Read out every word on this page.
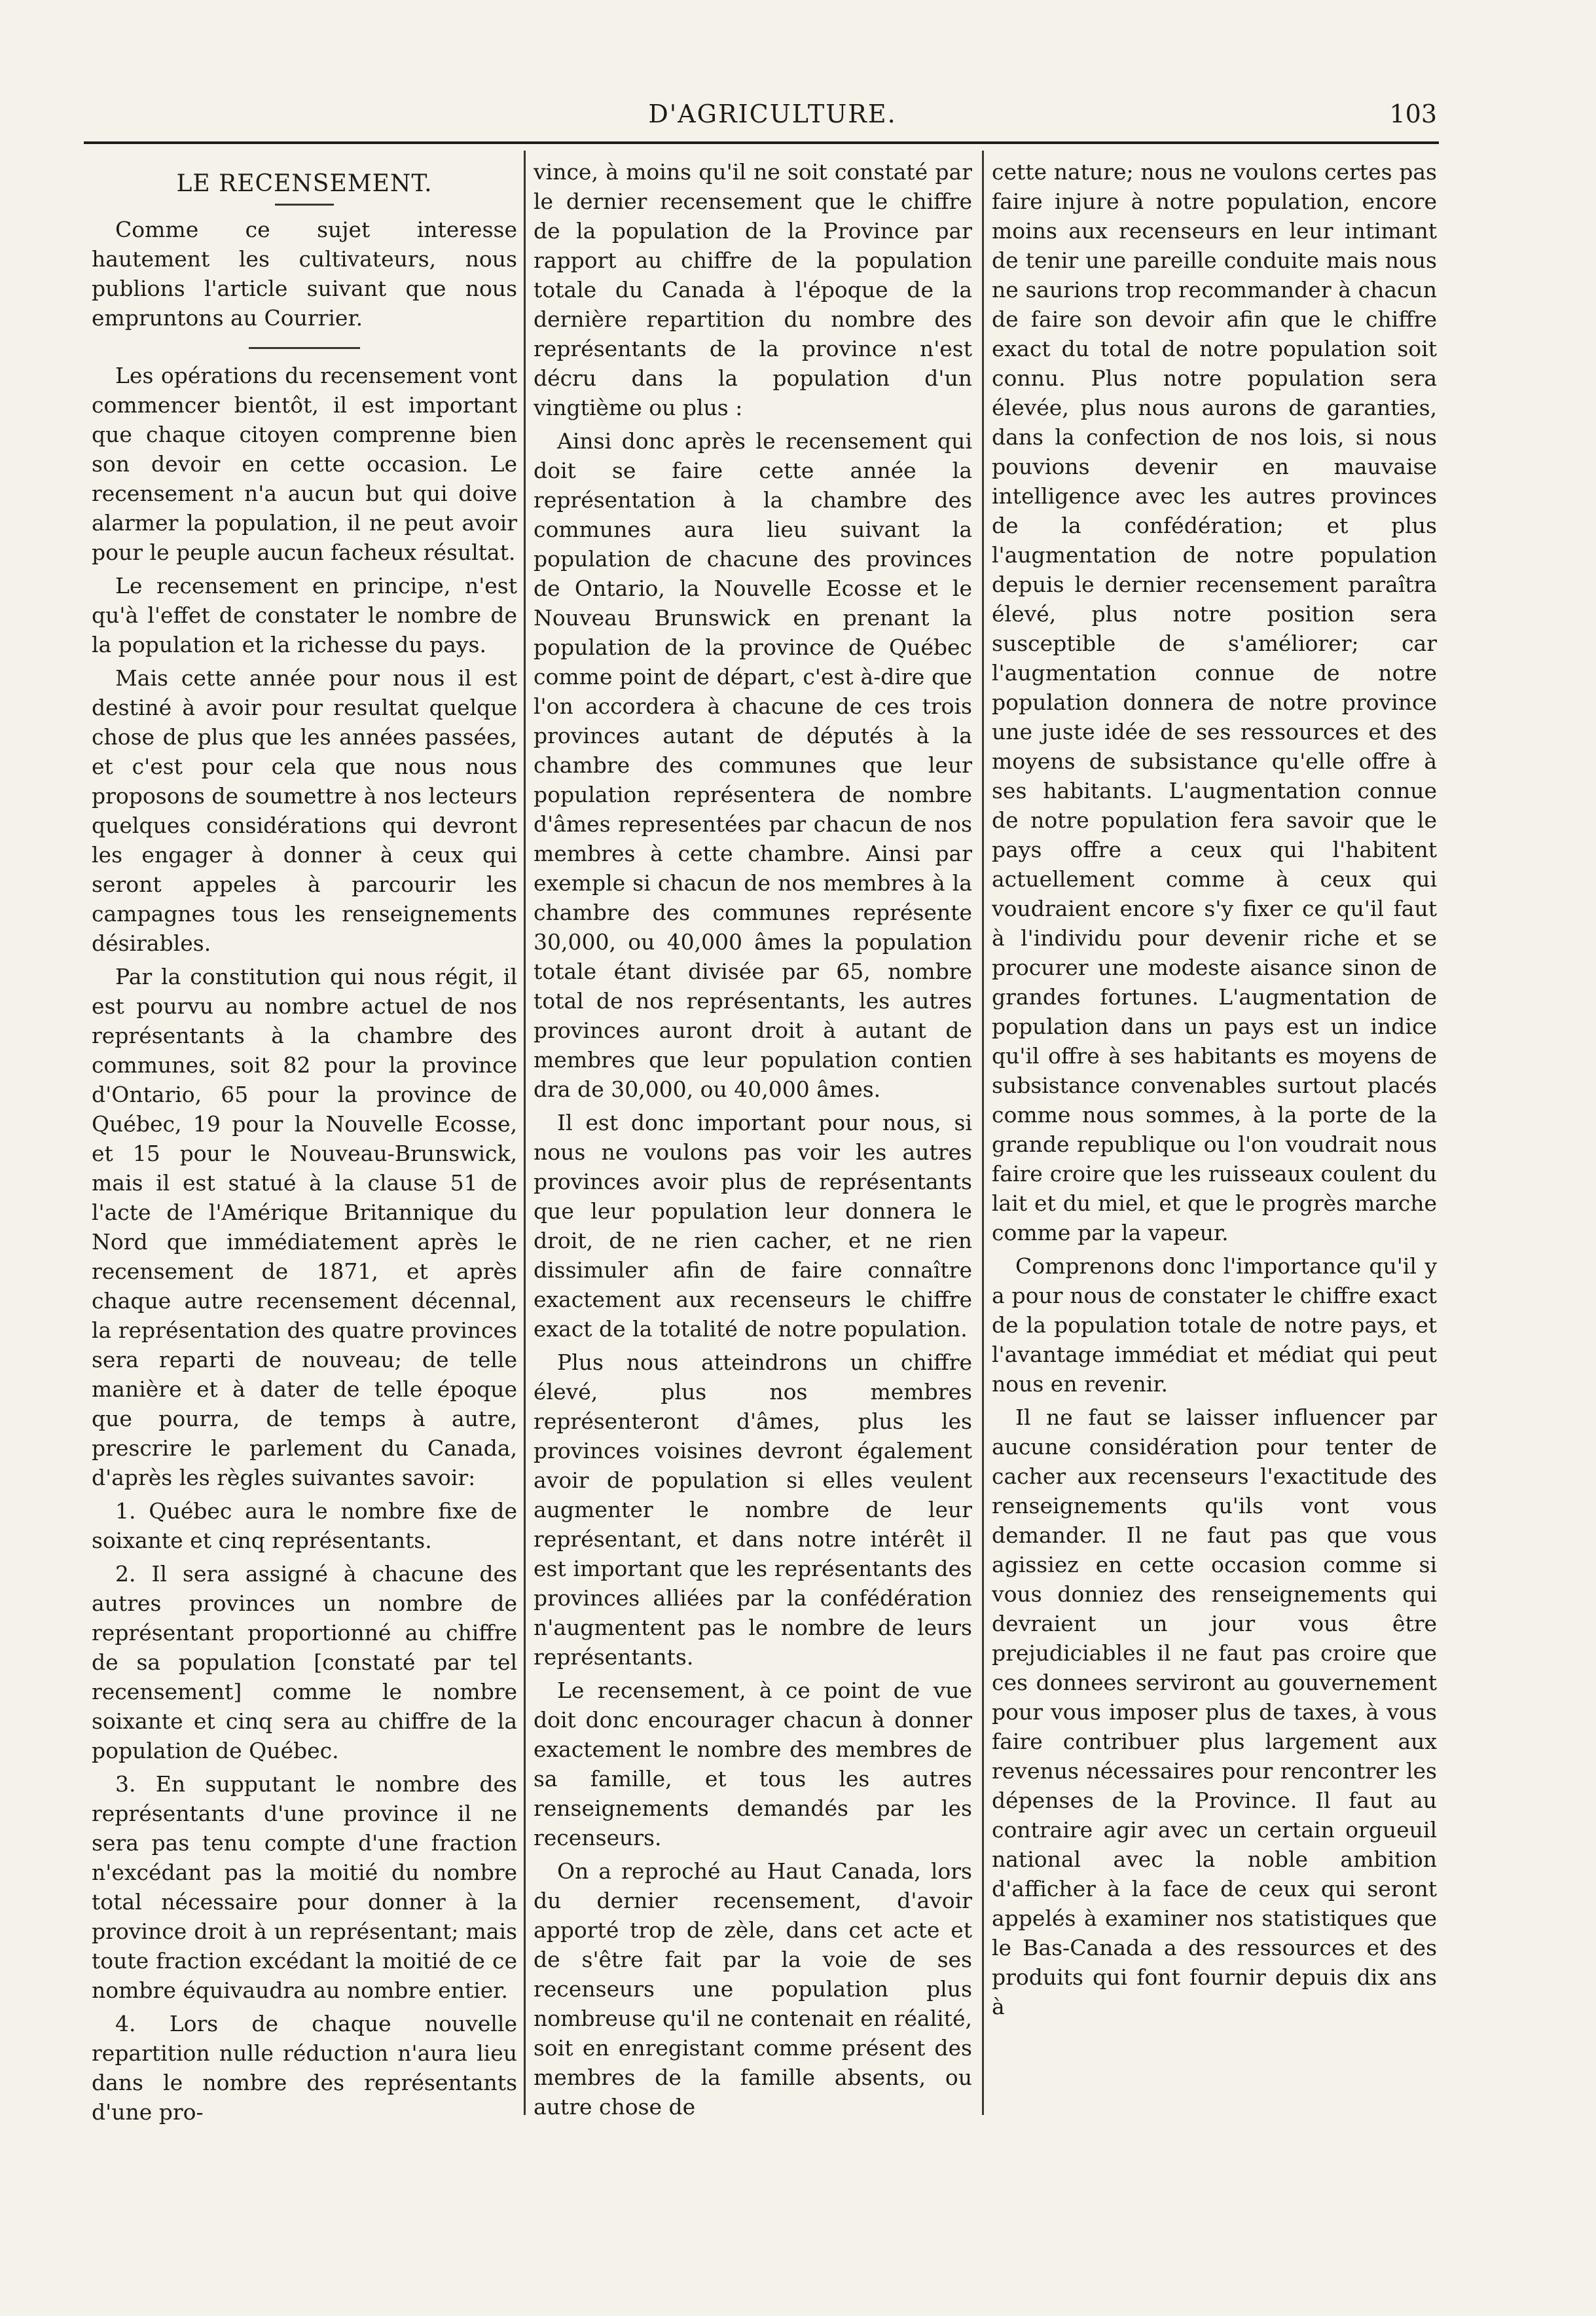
D'AGRICULTURE.	103
LE RECENSEMENT.

Comme ce sujet interesse hautement les cultivateurs, nous publions l'article suivant que nous empruntons au Courrier.

Les opérations du recensement vont commencer bientôt, il est important que chaque citoyen comprenne bien son devoir en cette occasion. Le recensement n'a aucun but qui doive alarmer la population, il ne peut avoir pour le peuple aucun facheux résultat.

Le recensement en principe, n'est qu'à l'effet de constater le nombre de la population et la richesse du pays.

Mais cette année pour nous il est destiné à avoir pour resultat quelque chose de plus que les années passées, et c'est pour cela que nous nous proposons de soumettre à nos lecteurs quelques considérations qui devront les engager à donner à ceux qui seront appeles à parcourir les campagnes tous les renseignements désirables.

Par la constitution qui nous régit, il est pourvu au nombre actuel de nos représentants à la chambre des communes, soit 82 pour la province d'Ontario, 65 pour la province de Québec, 19 pour la Nouvelle Ecosse, et 15 pour le Nouveau-Brunswick, mais il est statué à la clause 51 de l'acte de l'Amérique Britannique du Nord que immédiatement après le recensement de 1871, et après chaque autre recensement décennal, la représentation des quatre provinces sera reparti de nouveau; de telle manière et à dater de telle époque que pourra, de temps à autre, prescrire le parlement du Canada, d'après les règles suivantes savoir:

1. Québec aura le nombre fixe de soixante et cinq représentants.

2. Il sera assigné à chacune des autres provinces un nombre de représentant proportionné au chiffre de sa population [constaté par tel recensement] comme le nombre soixante et cinq sera au chiffre de la population de Québec.

3. En supputant le nombre des représentants d'une province il ne sera pas tenu compte d'une fraction n'excédant pas la moitié du nombre total nécessaire pour donner à la province droit à un représentant; mais toute fraction excédant la moitié de ce nombre équivaudra au nombre entier.

4. Lors de chaque nouvelle repartition nulle réduction n'aura lieu dans le nombre des représentants d'une pro-

vince, à moins qu'il ne soit constaté par le dernier recensement que le chiffre de la population de la Province par rapport au chiffre de la population totale du Canada à l'époque de la dernière repartition du nombre des représentants de la province n'est décru dans la population d'un vingtième ou plus :

Ainsi donc après le recensement qui doit se faire cette année la représentation à la chambre des communes aura lieu suivant la population de chacune des provinces de Ontario, la Nouvelle Ecosse et le Nouveau Brunswick en prenant la population de la province de Québec comme point de départ, c'est à-dire que l'on accordera à chacune de ces trois provinces autant de députés à la chambre des communes que leur population représentera de nombre d'âmes representées par chacun de nos membres à cette chambre. Ainsi par exemple si chacun de nos membres à la chambre des communes représente 30,000, ou 40,000 âmes la population totale étant divisée par 65, nombre total de nos représentants, les autres provinces auront droit à autant de membres que leur population contien dra de 30,000, ou 40,000 âmes.

Il est donc important pour nous, si nous ne voulons pas voir les autres provinces avoir plus de représentants que leur population leur donnera le droit, de ne rien cacher, et ne rien dissimuler afin de faire connaître exactement aux recenseurs le chiffre exact de la totalité de notre population.

Plus nous atteindrons un chiffre élevé, plus nos membres représenteront d'âmes, plus les provinces voisines devront également avoir de population si elles veulent augmenter le nombre de leur représentant, et dans notre intérêt il est important que les représentants des provinces alliées par la confédération n'augmentent pas le nombre de leurs représentants.

Le recensement, à ce point de vue doit donc encourager chacun à donner exactement le nombre des membres de sa famille, et tous les autres renseignements demandés par les recenseurs.

On a reproché au Haut Canada, lors du dernier recensement, d'avoir apporté trop de zèle, dans cet acte et de s'être fait par la voie de ses recenseurs une population plus nombreuse qu'il ne contenait en réalité, soit en enregistant comme présent des membres de la famille absents, ou autre chose de

cette nature; nous ne voulons certes pas faire injure à notre population, encore moins aux recenseurs en leur intimant de tenir une pareille conduite mais nous ne saurions trop recommander à chacun de faire son devoir afin que le chiffre exact du total de notre population soit connu. Plus notre population sera élevée, plus nous aurons de garanties, dans la confection de nos lois, si nous pouvions devenir en mauvaise intelligence avec les autres provinces de la confédération; et plus l'augmentation de notre population depuis le dernier recensement paraîtra élevé, plus notre position sera susceptible de s'améliorer; car l'augmentation connue de notre population donnera de notre province une juste idée de ses ressources et des moyens de subsistance qu'elle offre à ses habitants. L'augmentation connue de notre population fera savoir que le pays offre a ceux qui l'habitent actuellement comme à ceux qui voudraient encore s'y fixer ce qu'il faut à l'individu pour devenir riche et se procurer une modeste aisance sinon de grandes fortunes. L'augmentation de population dans un pays est un indice qu'il offre à ses habitants es moyens de subsistance convenables surtout placés comme nous sommes, à la porte de la grande republique ou l'on voudrait nous faire croire que les ruisseaux coulent du lait et du miel, et que le progrès marche comme par la vapeur.

Comprenons donc l'importance qu'il y a pour nous de constater le chiffre exact de la population totale de notre pays, et l'avantage immédiat et médiat qui peut nous en revenir.

Il ne faut se laisser influencer par aucune considération pour tenter de cacher aux recenseurs l'exactitude des renseignements qu'ils vont vous demander. Il ne faut pas que vous agissiez en cette occasion comme si vous donniez des renseignements qui devraient un jour vous être prejudiciables il ne faut pas croire que ces donnees serviront au gouvernement pour vous imposer plus de taxes, à vous faire contribuer plus largement aux revenus nécessaires pour rencontrer les dépenses de la Province. Il faut au contraire agir avec un certain orgueuil national avec la noble ambition d'afficher à la face de ceux qui seront appelés à examiner nos statistiques que le Bas-Canada a des ressources et des produits qui font fournir depuis dix ans à
